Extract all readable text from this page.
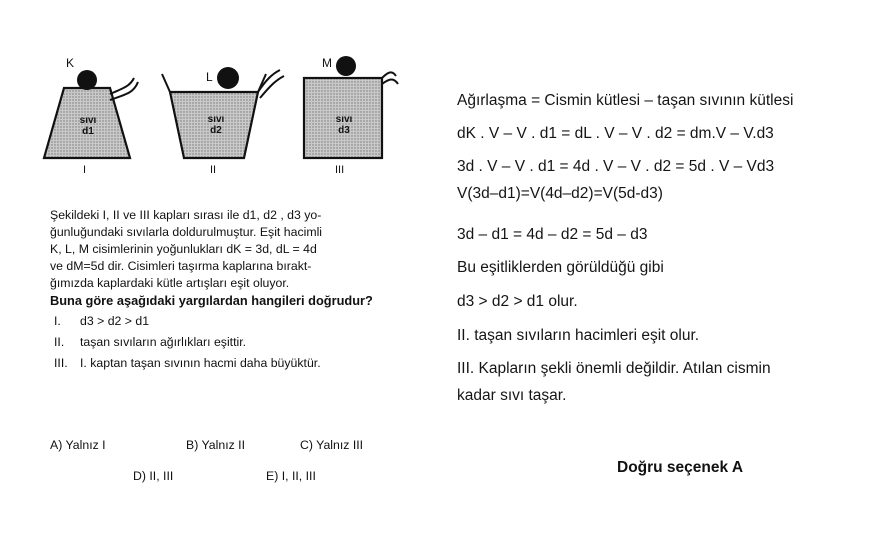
K
sıvı
d1
I
L
sıvı
d2
II
M
sıvı
d3
III

Şekildeki I, II ve III kapları sırası ile d1, d2 , d3 yo-

ğunluğundaki sıvılarla doldurulmuştur. Eşit hacimli

K, L, M cisimlerinin yoğunlukları dK = 3d, dL = 4d

ve dM=5d dir. Cisimleri taşırma kaplarına bırakt-

ğımızda kaplardaki kütle artışları eşit oluyor.

Buna göre aşağıdaki yargılardan hangileri doğrudur?

I.	d3 > d2 > d1
II.	taşan sıvıların ağırlıkları eşittir.
III.	I. kaptan taşan sıvının hacmi daha büyüktür.
A) Yalnız I	B) Yalnız II	C) Yalnız III
D) II, III	E) I, II, III
Ağırlaşma = Cismin kütlesi – taşan sıvının kütlesi
dK . V – V . d1 = dL . V – V . d2 = dm.V – V.d3
3d . V – V . d1 = 4d . V – V . d2 = 5d . V – Vd3
V(3d–d1)=V(4d–d2)=V(5d-d3)
3d – d1 = 4d – d2 = 5d – d3
Bu eşitliklerden görüldüğü gibi
d3 > d2 > d1 olur.
II. taşan sıvıların hacimleri eşit olur.
III. Kapların şekli önemli değildir. Atılan cismin
kadar sıvı taşar.
Doğru seçenek A
